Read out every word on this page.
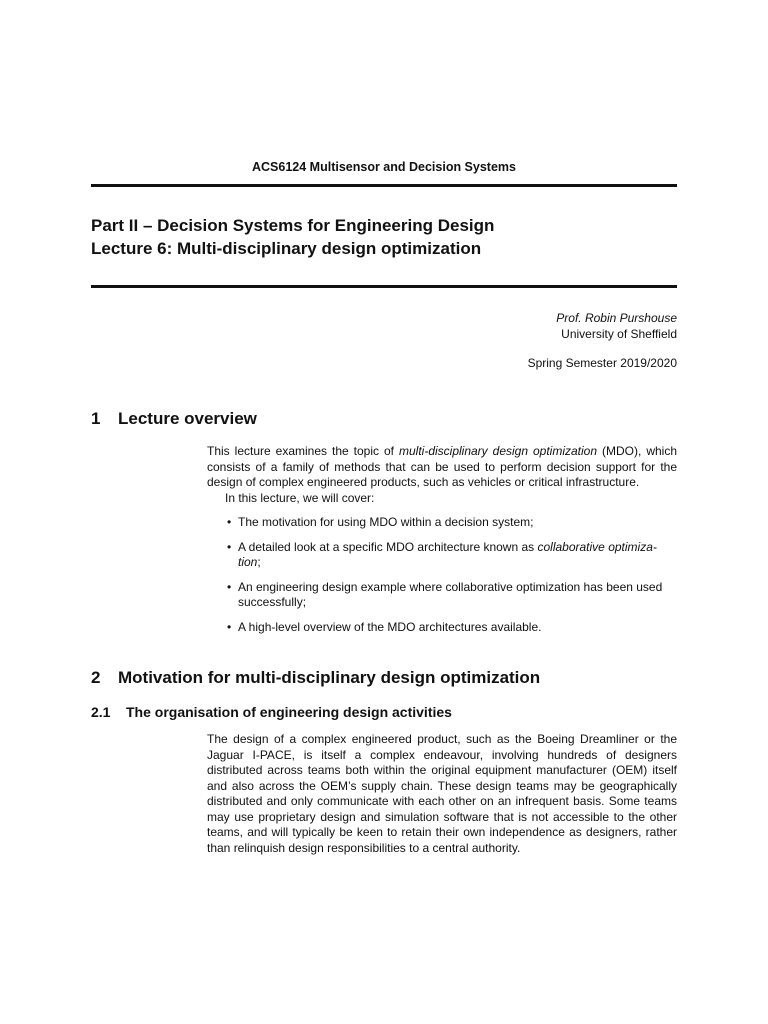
ACS6124 Multisensor and Decision Systems
Part II – Decision Systems for Engineering Design
Lecture 6: Multi-disciplinary design optimization
Prof. Robin Purshouse
University of Sheffield
Spring Semester 2019/2020
1 Lecture overview

This lecture examines the topic of multi-disciplinary design optimization (MDO), which consists of a family of methods that can be used to perform decision support for the design of complex engineered products, such as vehicles or critical infrastructure.

In this lecture, we will cover:

• The motivation for using MDO within a decision system;
• A detailed look at a specific MDO architecture known as collaborative optimiza- tion;
• An engineering design example where collaborative optimization has been used successfully;
• A high-level overview of the MDO architectures available.
2 Motivation for multi-disciplinary design optimization
2.1 The organisation of engineering design activities

The design of a complex engineered product, such as the Boeing Dreamliner or the Jaguar I-PACE, is itself a complex endeavour, involving hundreds of designers distributed across teams both within the original equipment manufacturer (OEM) itself and also across the OEM’s supply chain. These design teams may be geographically distributed and only communicate with each other on an infrequent basis. Some teams may use proprietary design and simulation software that is not accessible to the other teams, and will typically be keen to retain their own independence as designers, rather than relinquish design responsibilities to a central authority.
